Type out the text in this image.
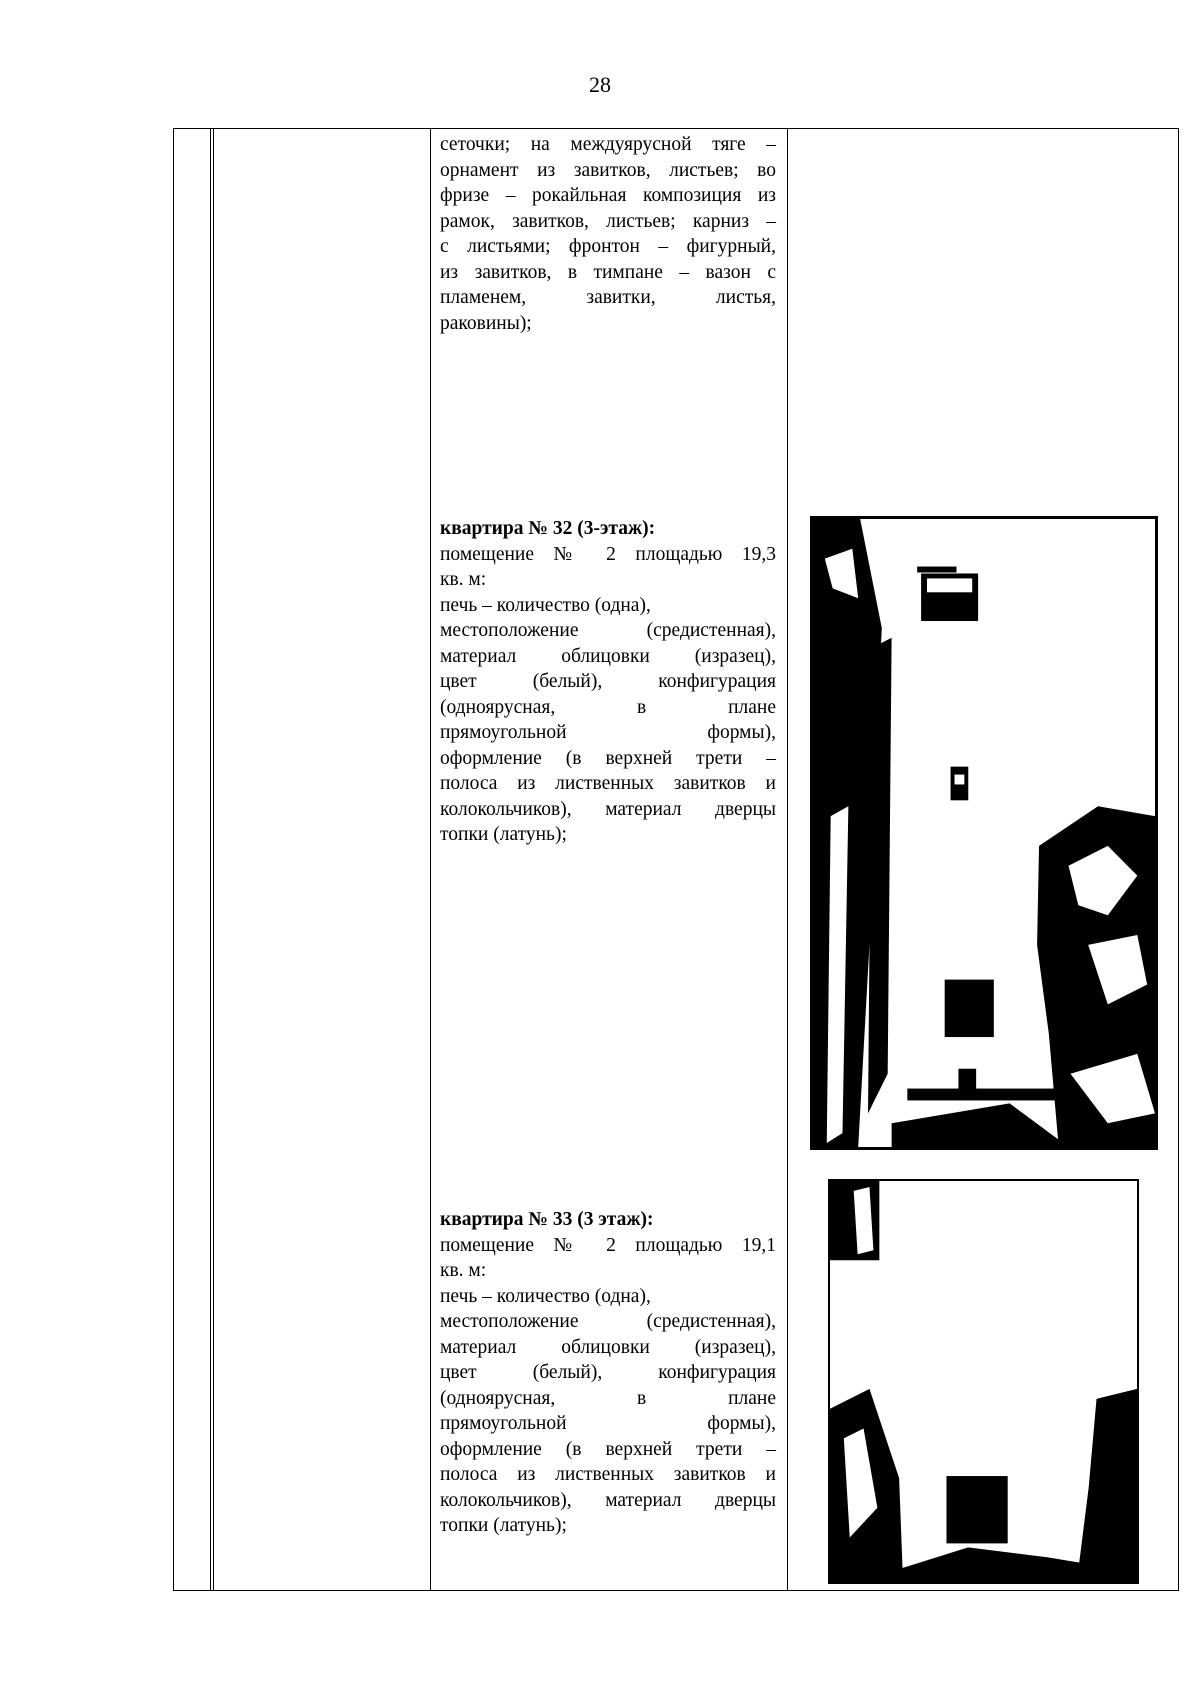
28
сеточки; на междуярусной тяге –
орнамент из завитков, листьев; во
фризе – рокайльная композиция из
рамок, завитков, листьев; карниз –
с листьями; фронтон – фигурный,
из завитков, в тимпане – вазон с
пламенем, завитки, листья,
раковины);
квартира № 32 (3-этаж):
помещение № 2 площадью 19,3
кв. м:
печь – количество (одна),
местоположение (средистенная),
материал облицовки (изразец),
цвет (белый), конфигурация
(одноярусная, в плане
прямоугольной формы),
оформление (в верхней трети –
полоса из лиственных завитков и
колокольчиков), материал дверцы
топки (латунь);
квартира № 33 (3 этаж):
помещение № 2 площадью 19,1
кв. м:
печь – количество (одна),
местоположение (средистенная),
материал облицовки (изразец),
цвет (белый), конфигурация
(одноярусная, в плане
прямоугольной формы),
оформление (в верхней трети –
полоса из лиственных завитков и
колокольчиков), материал дверцы
топки (латунь);
